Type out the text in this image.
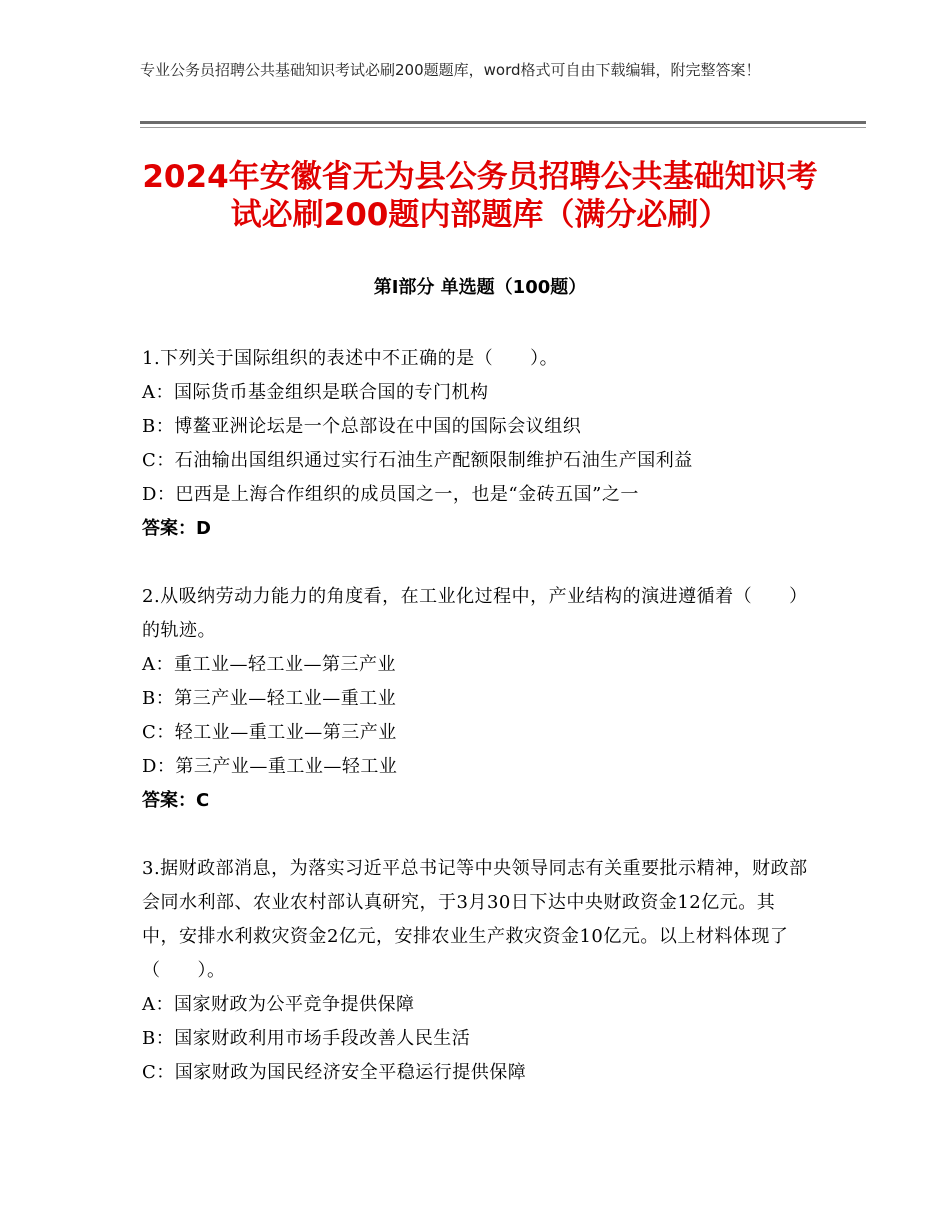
专业公务员招聘公共基础知识考试必刷200题题库，word格式可自由下载编辑，附完整答案！
2024年安徽省无为县公务员招聘公共基础知识考试必刷200题内部题库（满分必刷）
第Ⅰ部分 单选题（100题）

1.下列关于国际组织的表述中不正确的是（　　）。

A：国际货币基金组织是联合国的专门机构

B：博鳌亚洲论坛是一个总部设在中国的国际会议组织

C：石油输出国组织通过实行石油生产配额限制维护石油生产国利益

D：巴西是上海合作组织的成员国之一，也是“金砖五国”之一

答案：D

2.从吸纳劳动力能力的角度看，在工业化过程中，产业结构的演进遵循着（　　）的轨迹。

A：重工业—轻工业—第三产业

B：第三产业—轻工业—重工业

C：轻工业—重工业—第三产业

D：第三产业—重工业—轻工业

答案：C

3.据财政部消息，为落实习近平总书记等中央领导同志有关重要批示精神，财政部会同水利部、农业农村部认真研究，于3月30日下达中央财政资金12亿元。其中，安排水利救灾资金2亿元，安排农业生产救灾资金10亿元。以上材料体现了（　　）。

A：国家财政为公平竞争提供保障

B：国家财政利用市场手段改善人民生活

C：国家财政为国民经济安全平稳运行提供保障
